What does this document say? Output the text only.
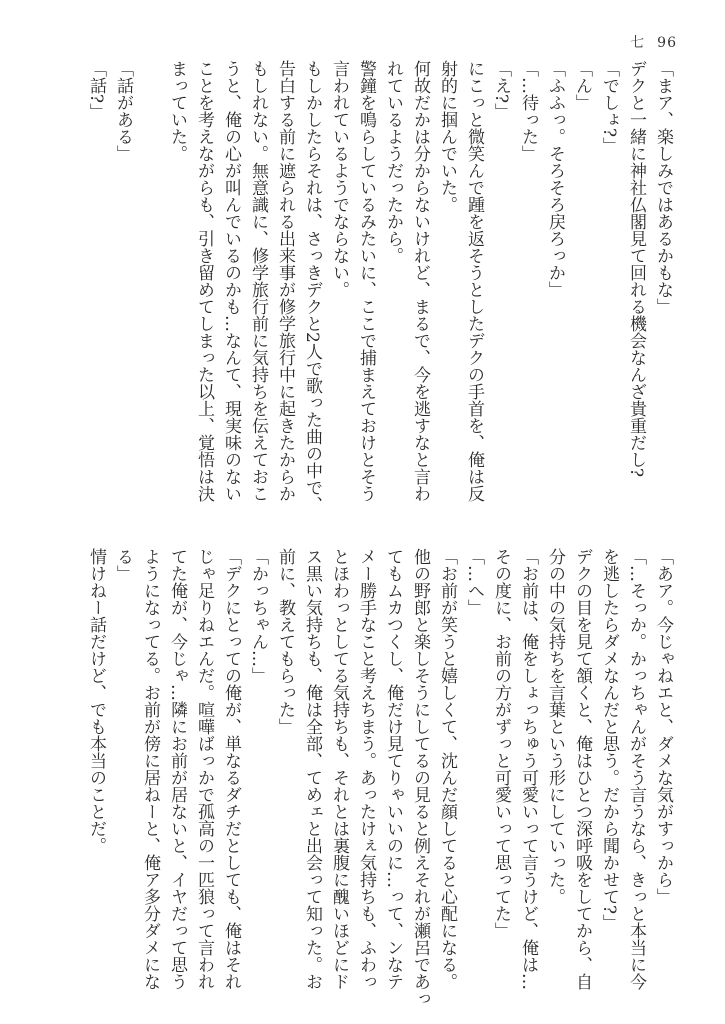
七 96
「まア、楽しみではあるかもな」
デクと一緒に神社仏閣見て回れる機会なんざ貴重だし?
「でしょ?」
「ん」
「ふふっ。そろそろ戻ろっか」
「…待った」
「え?」
にこっと微笑んで踵を返そうとしたデクの手首を、俺は反
射的に掴んでいた。
何故だかは分からないけれど、まるで、今を逃すなと言わ
れているようだったから。
警鐘を鳴らしているみたいに、ここで捕まえておけとそう
言われているようでならない。
もしかしたらそれは、さっきデクと2人で歌った曲の中で、
告白する前に遮られる出来事が修学旅行中に起きたからか
もしれない。無意識に、修学旅行前に気持ちを伝えておこ
うと、俺の心が叫んでいるのかも…なんて、現実味のない
ことを考えながらも、引き留めてしまった以上、覚悟は決
まっていた。
「話がある」
「話?」
「あア。今じゃねエと、ダメな気がすっから」
「…そっか。かっちゃんがそう言うなら、きっと本当に今
を逃したらダメなんだと思う。だから聞かせて?」
デクの目を見て頷くと、俺はひとつ深呼吸をしてから、自
分の中の気持ちを言葉という形にしていった。
「お前は、俺をしょっちゅう可愛いって言うけど、俺は…
その度に、お前の方がずっと可愛いって思ってた」
「…へ」
「お前が笑うと嬉しくて、沈んだ顔してると心配になる。
他の野郎と楽しそうにしてるの見ると例えそれが瀬呂であっ
てもムカつくし、俺だけ見てりゃいいのに…って、ンなテ
メー勝手なこと考えちまう。あったけぇ気持ちも、ふわっ
とほわっとしてる気持ちも、それとは裏腹に醜いほどにド
ス黒い気持ちも、俺は全部、てめェと出会って知った。お
前に、教えてもらった」
「かっちゃん…」
「デクにとっての俺が、単なるダチだとしても、俺はそれ
じゃ足りねエんだ。喧嘩ばっかで孤高の一匹狼って言われ
てた俺が、今じゃ…隣にお前が居ないと、イヤだって思う
ようになってる。お前が傍に居ねーと、俺ア多分ダメにな
る」
情けねー話だけど、でも本当のことだ。
